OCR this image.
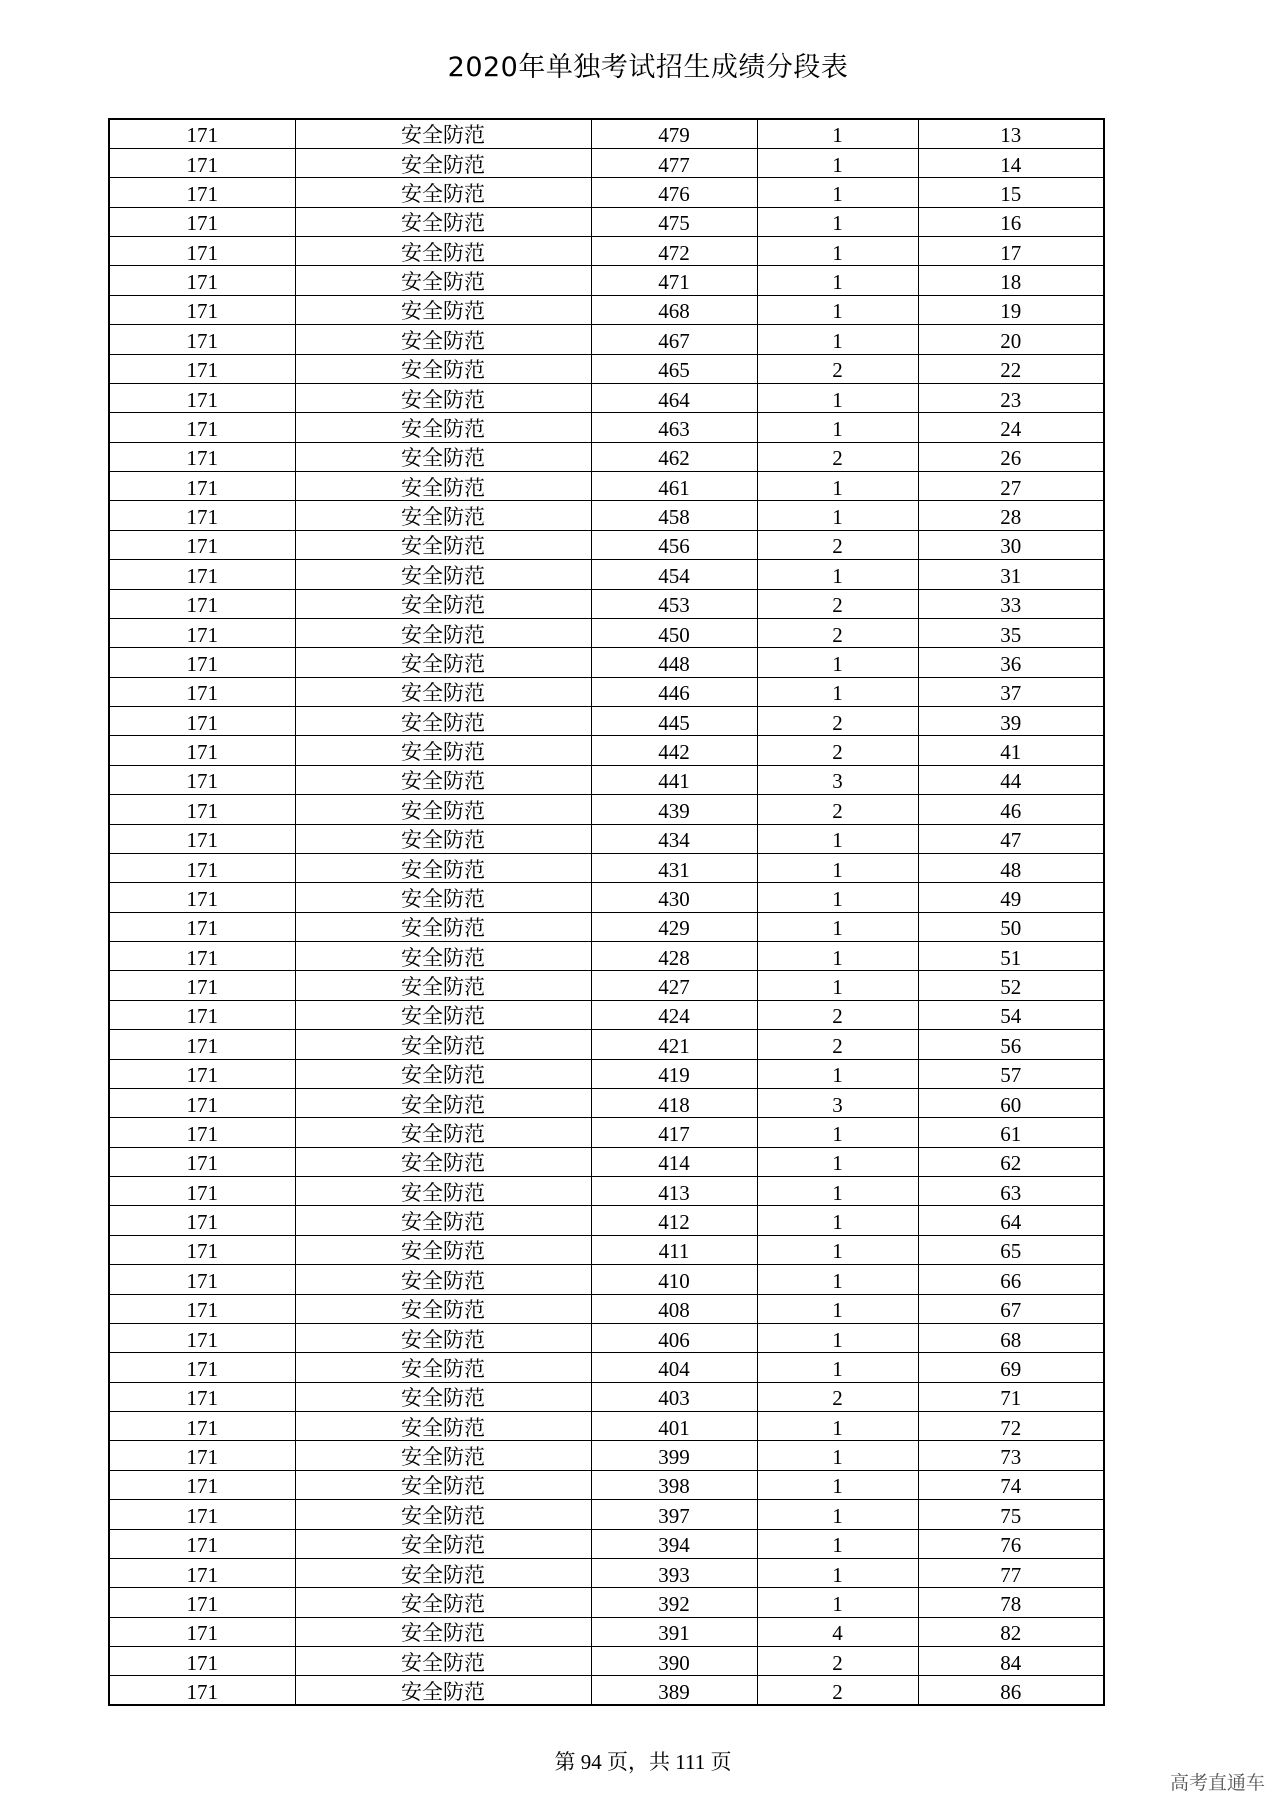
2020年单独考试招生成绩分段表
171	安全防范	479	1	13
171	安全防范	477	1	14
171	安全防范	476	1	15
171	安全防范	475	1	16
171	安全防范	472	1	17
171	安全防范	471	1	18
171	安全防范	468	1	19
171	安全防范	467	1	20
171	安全防范	465	2	22
171	安全防范	464	1	23
171	安全防范	463	1	24
171	安全防范	462	2	26
171	安全防范	461	1	27
171	安全防范	458	1	28
171	安全防范	456	2	30
171	安全防范	454	1	31
171	安全防范	453	2	33
171	安全防范	450	2	35
171	安全防范	448	1	36
171	安全防范	446	1	37
171	安全防范	445	2	39
171	安全防范	442	2	41
171	安全防范	441	3	44
171	安全防范	439	2	46
171	安全防范	434	1	47
171	安全防范	431	1	48
171	安全防范	430	1	49
171	安全防范	429	1	50
171	安全防范	428	1	51
171	安全防范	427	1	52
171	安全防范	424	2	54
171	安全防范	421	2	56
171	安全防范	419	1	57
171	安全防范	418	3	60
171	安全防范	417	1	61
171	安全防范	414	1	62
171	安全防范	413	1	63
171	安全防范	412	1	64
171	安全防范	411	1	65
171	安全防范	410	1	66
171	安全防范	408	1	67
171	安全防范	406	1	68
171	安全防范	404	1	69
171	安全防范	403	2	71
171	安全防范	401	1	72
171	安全防范	399	1	73
171	安全防范	398	1	74
171	安全防范	397	1	75
171	安全防范	394	1	76
171	安全防范	393	1	77
171	安全防范	392	1	78
171	安全防范	391	4	82
171	安全防范	390	2	84
171	安全防范	389	2	86
第 94 页，共 111 页
高考直通车
